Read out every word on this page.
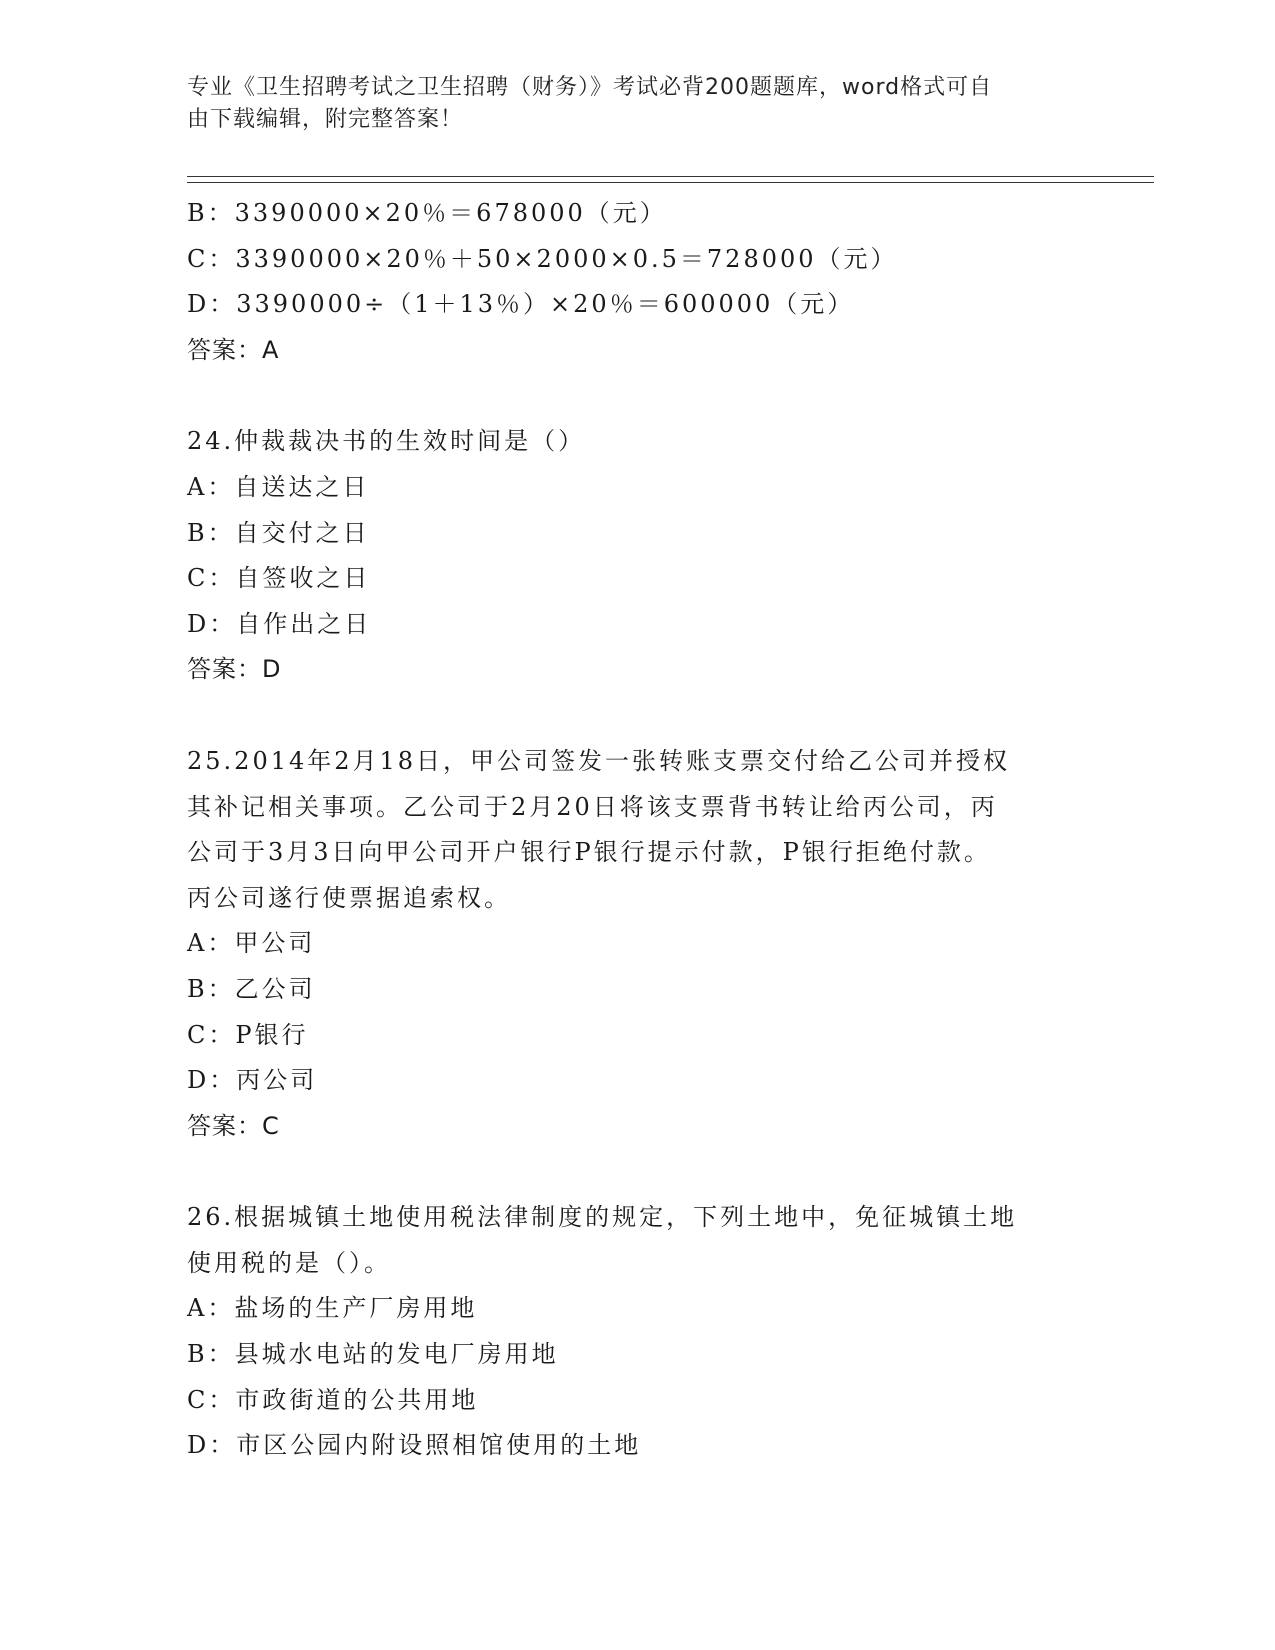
专业《卫生招聘考试之卫生招聘（财务）》考试必背200题题库，word格式可自
由下载编辑，附完整答案！
B：3390000×20％＝678000（元）
C：3390000×20％＋50×2000×0.5＝728000（元）
D：3390000÷（1＋13％）×20％＝600000（元）
答案：A
24.仲裁裁决书的生效时间是（）
A：自送达之日
B：自交付之日
C：自签收之日
D：自作出之日
答案：D
25.2014年2月18日，甲公司签发一张转账支票交付给乙公司并授权
其补记相关事项。乙公司于2月20日将该支票背书转让给丙公司，丙
公司于3月3日向甲公司开户银行P银行提示付款，P银行拒绝付款。
丙公司遂行使票据追索权。
A：甲公司
B：乙公司
C：P银行
D：丙公司
答案：C
26.根据城镇土地使用税法律制度的规定，下列土地中，免征城镇土地
使用税的是（）。
A：盐场的生产厂房用地
B：县城水电站的发电厂房用地
C：市政街道的公共用地
D：市区公园内附设照相馆使用的土地
